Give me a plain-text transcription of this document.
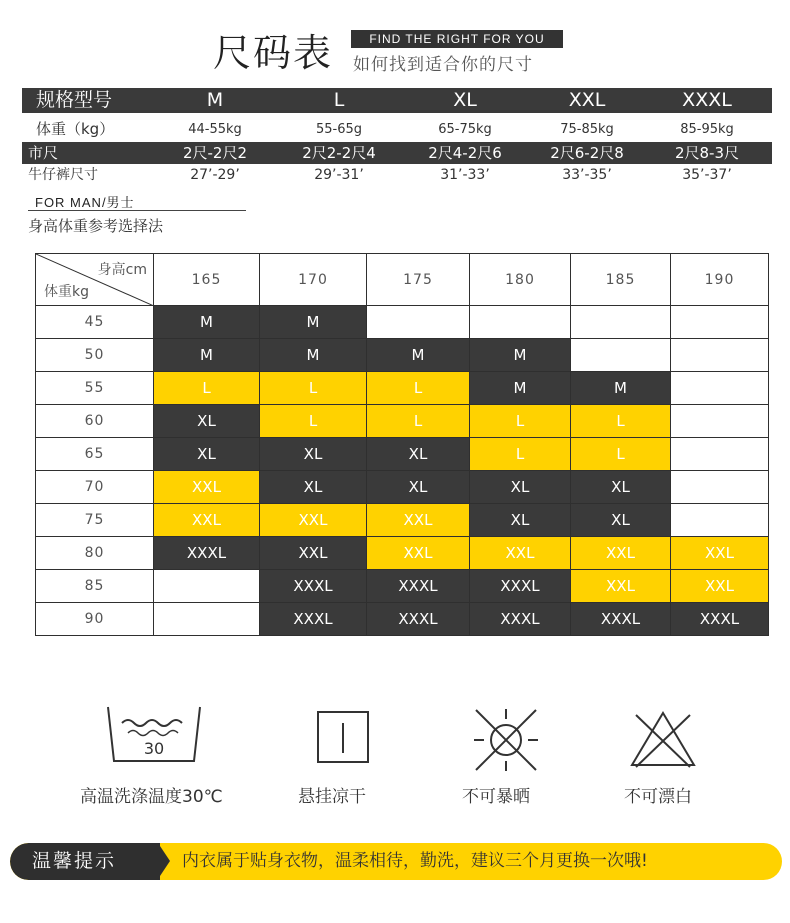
尺码表	FIND THE RIGHT FOR YOU
如何找到适合你的尺寸
规格型号	M	L	XL	XXL	XXXL
体重（kg）	44-55kg	55-65g	65-75kg	75-85kg	85-95kg
市尺	2尺-2尺2	2尺2-2尺4	2尺4-2尺6	2尺6-2尺8	2尺8-3尺
牛仔裤尺寸	27’-29’	29’-31’	31’-33’	33’-35’	35’-37’
FOR MAN/男士
身高体重参考选择法
身高cm
体重kg	165	170	175	180	185	190
45	M	M				
50	M	M	M	M		
55	L	L	L	M	M	
60	XL	L	L	L	L	
65	XL	XL	XL	L	L	
70	XXL	XL	XL	XL	XL	
75	XXL	XXL	XXL	XL	XL	
80	XXXL	XXL	XXL	XXL	XXL	XXL
85		XXXL	XXXL	XXXL	XXL	XXL
90		XXXL	XXXL	XXXL	XXXL	XXXL
30
高温洗涤温度30℃	悬挂凉干	不可暴晒	不可漂白
温馨提示	内衣属于贴身衣物，温柔相待，勤洗，建议三个月更换一次哦!
